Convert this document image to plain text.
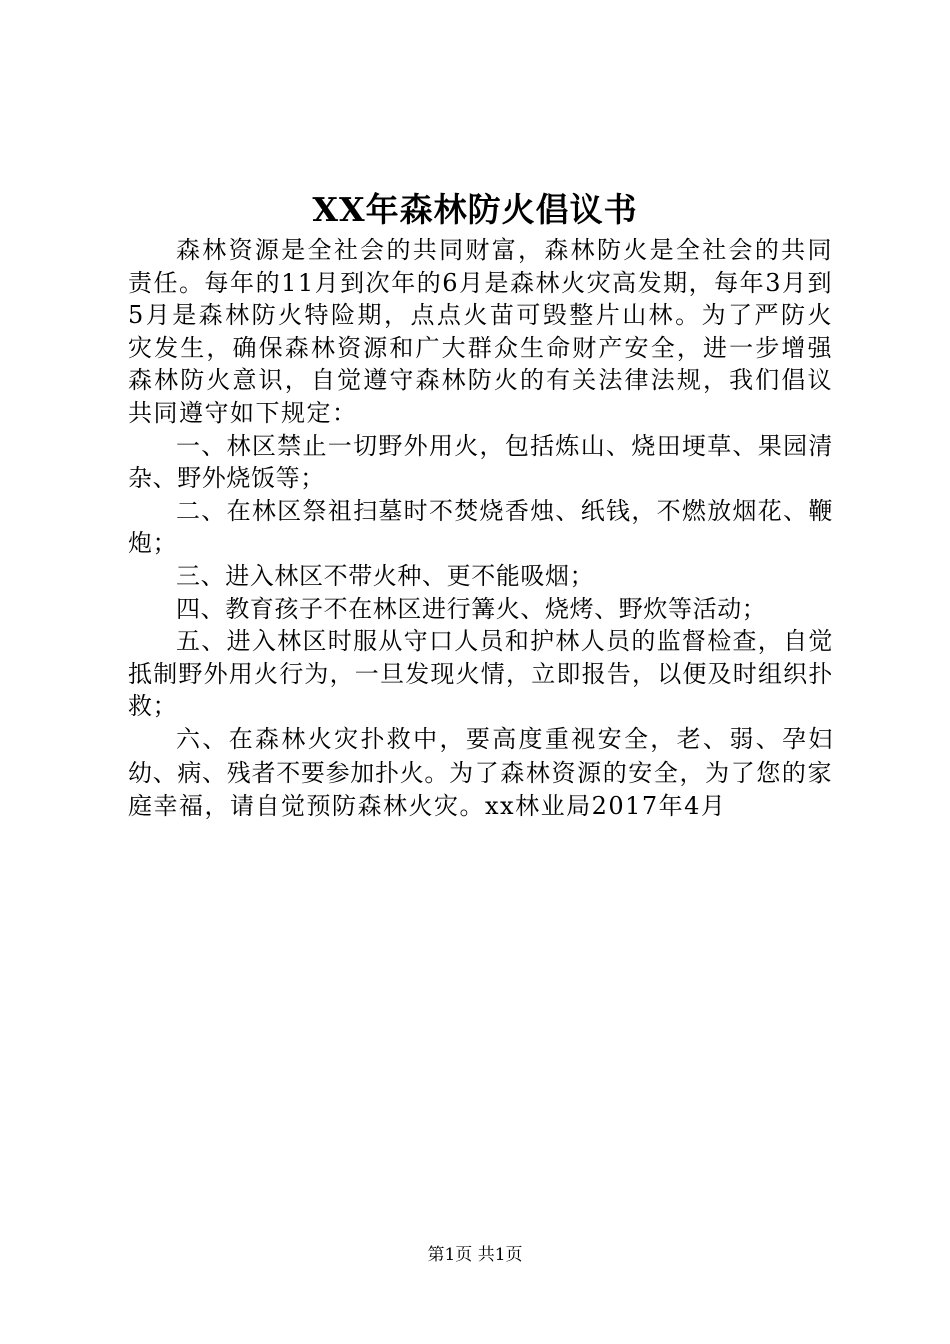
XX年森林防火倡议书

森林资源是全社会的共同财富，森林防火是全社会的共同责任。每年的11月到次年的6月是森林火灾高发期，每年3月到5月是森林防火特险期，点点火苗可毁整片山林。为了严防火灾发生，确保森林资源和广大群众生命财产安全，进一步增强森林防火意识，自觉遵守森林防火的有关法律法规，我们倡议共同遵守如下规定：

一、林区禁止一切野外用火，包括炼山、烧田埂草、果园清杂、野外烧饭等；

二、在林区祭祖扫墓时不焚烧香烛、纸钱，不燃放烟花、鞭炮；

三、进入林区不带火种、更不能吸烟；

四、教育孩子不在林区进行篝火、烧烤、野炊等活动；

五、进入林区时服从守口人员和护林人员的监督检查，自觉抵制野外用火行为，一旦发现火情，立即报告，以便及时组织扑救；

六、在森林火灾扑救中，要高度重视安全，老、弱、孕妇幼、病、残者不要参加扑火。为了森林资源的安全，为了您的家庭幸福，请自觉预防森林火灾。xx林业局2017年4月

第1页 共1页
